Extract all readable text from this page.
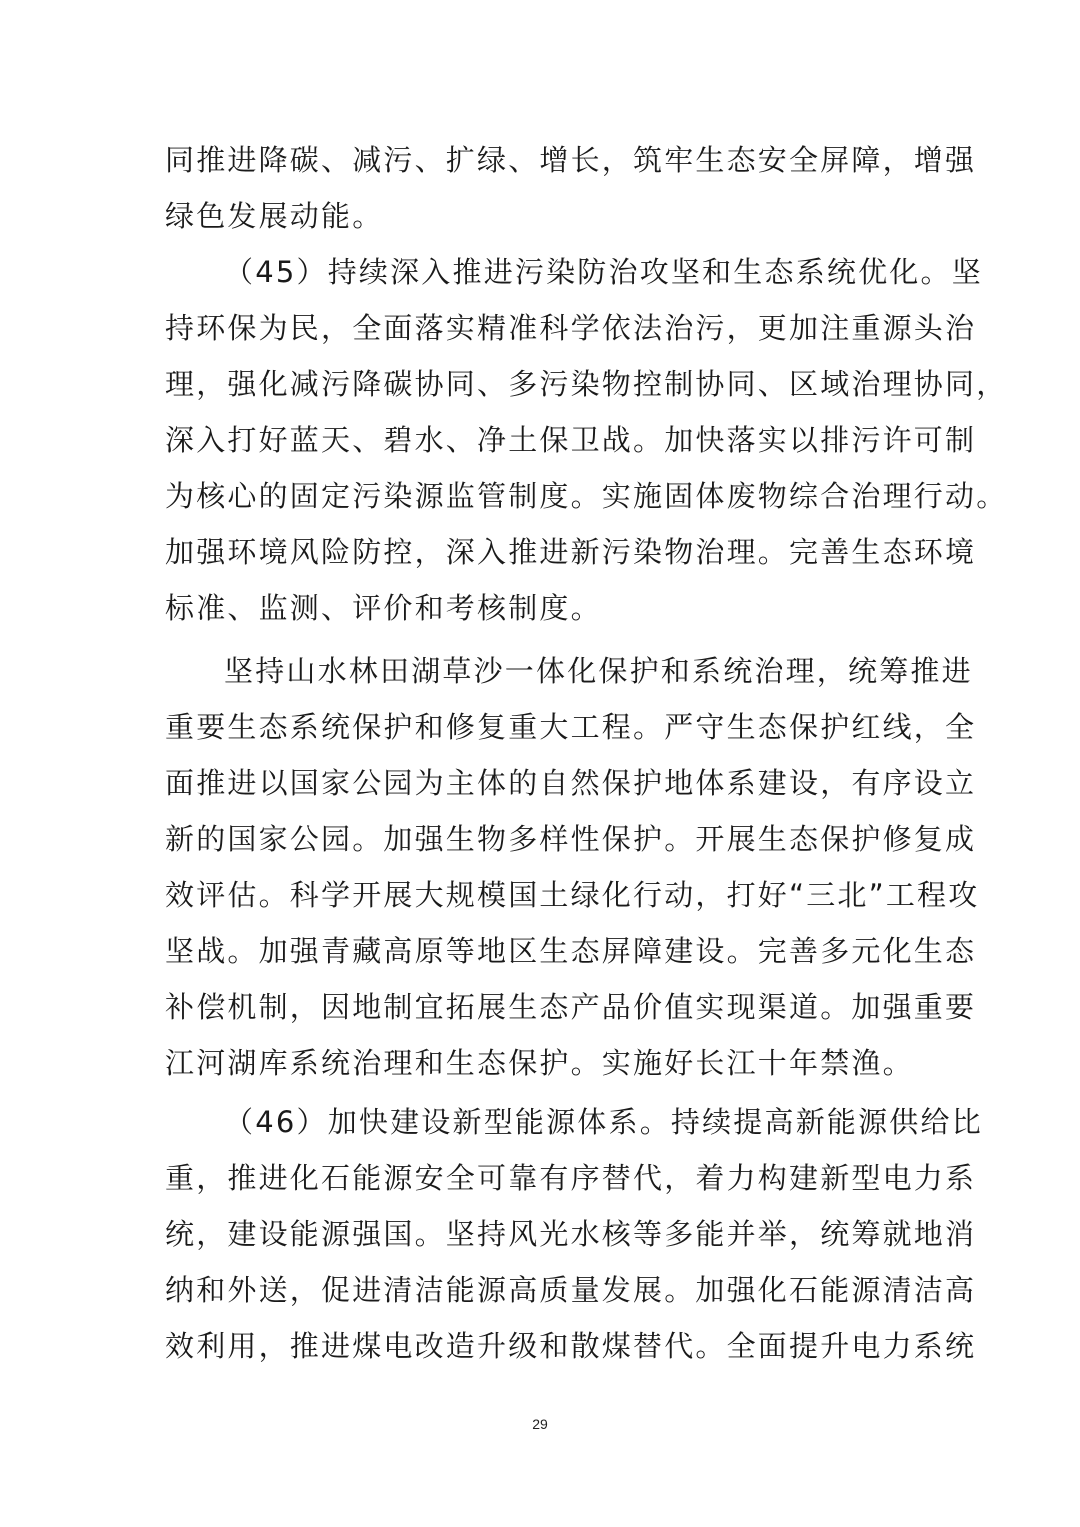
同推进降碳、减污、扩绿、增长，筑牢生态安全屏障，增强
绿色发展动能。
（45）持续深入推进污染防治攻坚和生态系统优化。坚
持环保为民，全面落实精准科学依法治污，更加注重源头治
理，强化减污降碳协同、多污染物控制协同、区域治理协同，
深入打好蓝天、碧水、净土保卫战。加快落实以排污许可制
为核心的固定污染源监管制度。实施固体废物综合治理行动。
加强环境风险防控，深入推进新污染物治理。完善生态环境
标准、监测、评价和考核制度。
坚持山水林田湖草沙一体化保护和系统治理，统筹推进
重要生态系统保护和修复重大工程。严守生态保护红线，全
面推进以国家公园为主体的自然保护地体系建设，有序设立
新的国家公园。加强生物多样性保护。开展生态保护修复成
效评估。科学开展大规模国土绿化行动，打好“三北”工程攻
坚战。加强青藏高原等地区生态屏障建设。完善多元化生态
补偿机制，因地制宜拓展生态产品价值实现渠道。加强重要
江河湖库系统治理和生态保护。实施好长江十年禁渔。
（46）加快建设新型能源体系。持续提高新能源供给比
重，推进化石能源安全可靠有序替代，着力构建新型电力系
统，建设能源强国。坚持风光水核等多能并举，统筹就地消
纳和外送，促进清洁能源高质量发展。加强化石能源清洁高
效利用，推进煤电改造升级和散煤替代。全面提升电力系统
29
